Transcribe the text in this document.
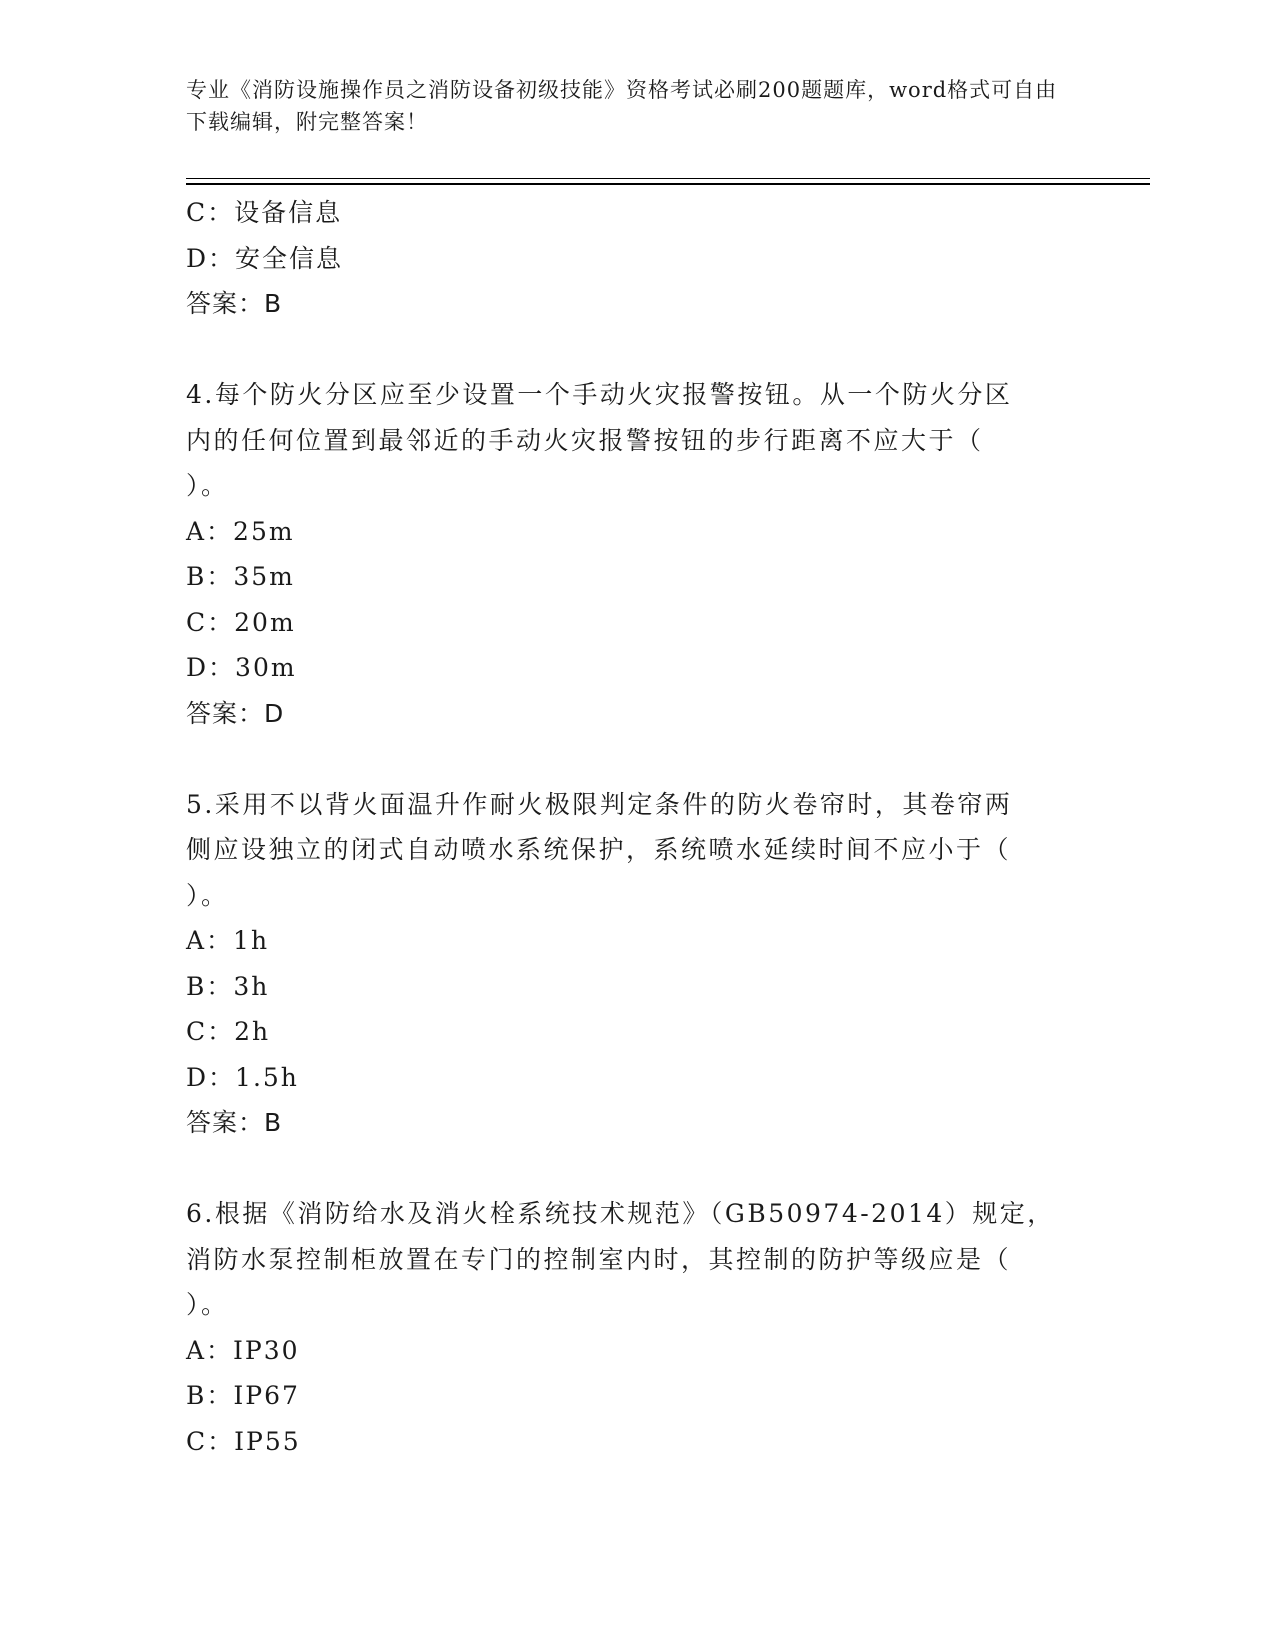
专业《消防设施操作员之消防设备初级技能》资格考试必刷200题题库，word格式可自由下载编辑，附完整答案！
C：设备信息
D：安全信息
答案：B
4.每个防火分区应至少设置一个手动火灾报警按钮。从一个防火分区
内的任何位置到最邻近的手动火灾报警按钮的步行距离不应大于（
）。
A：25m
B：35m
C：20m
D：30m
答案：D
5.采用不以背火面温升作耐火极限判定条件的防火卷帘时，其卷帘两
侧应设独立的闭式自动喷水系统保护，系统喷水延续时间不应小于（
）。
A：1h
B：3h
C：2h
D：1.5h
答案：B
6.根据《消防给水及消火栓系统技术规范》（GB50974-2014）规定，
消防水泵控制柜放置在专门的控制室内时，其控制的防护等级应是（
）。
A：IP30
B：IP67
C：IP55
